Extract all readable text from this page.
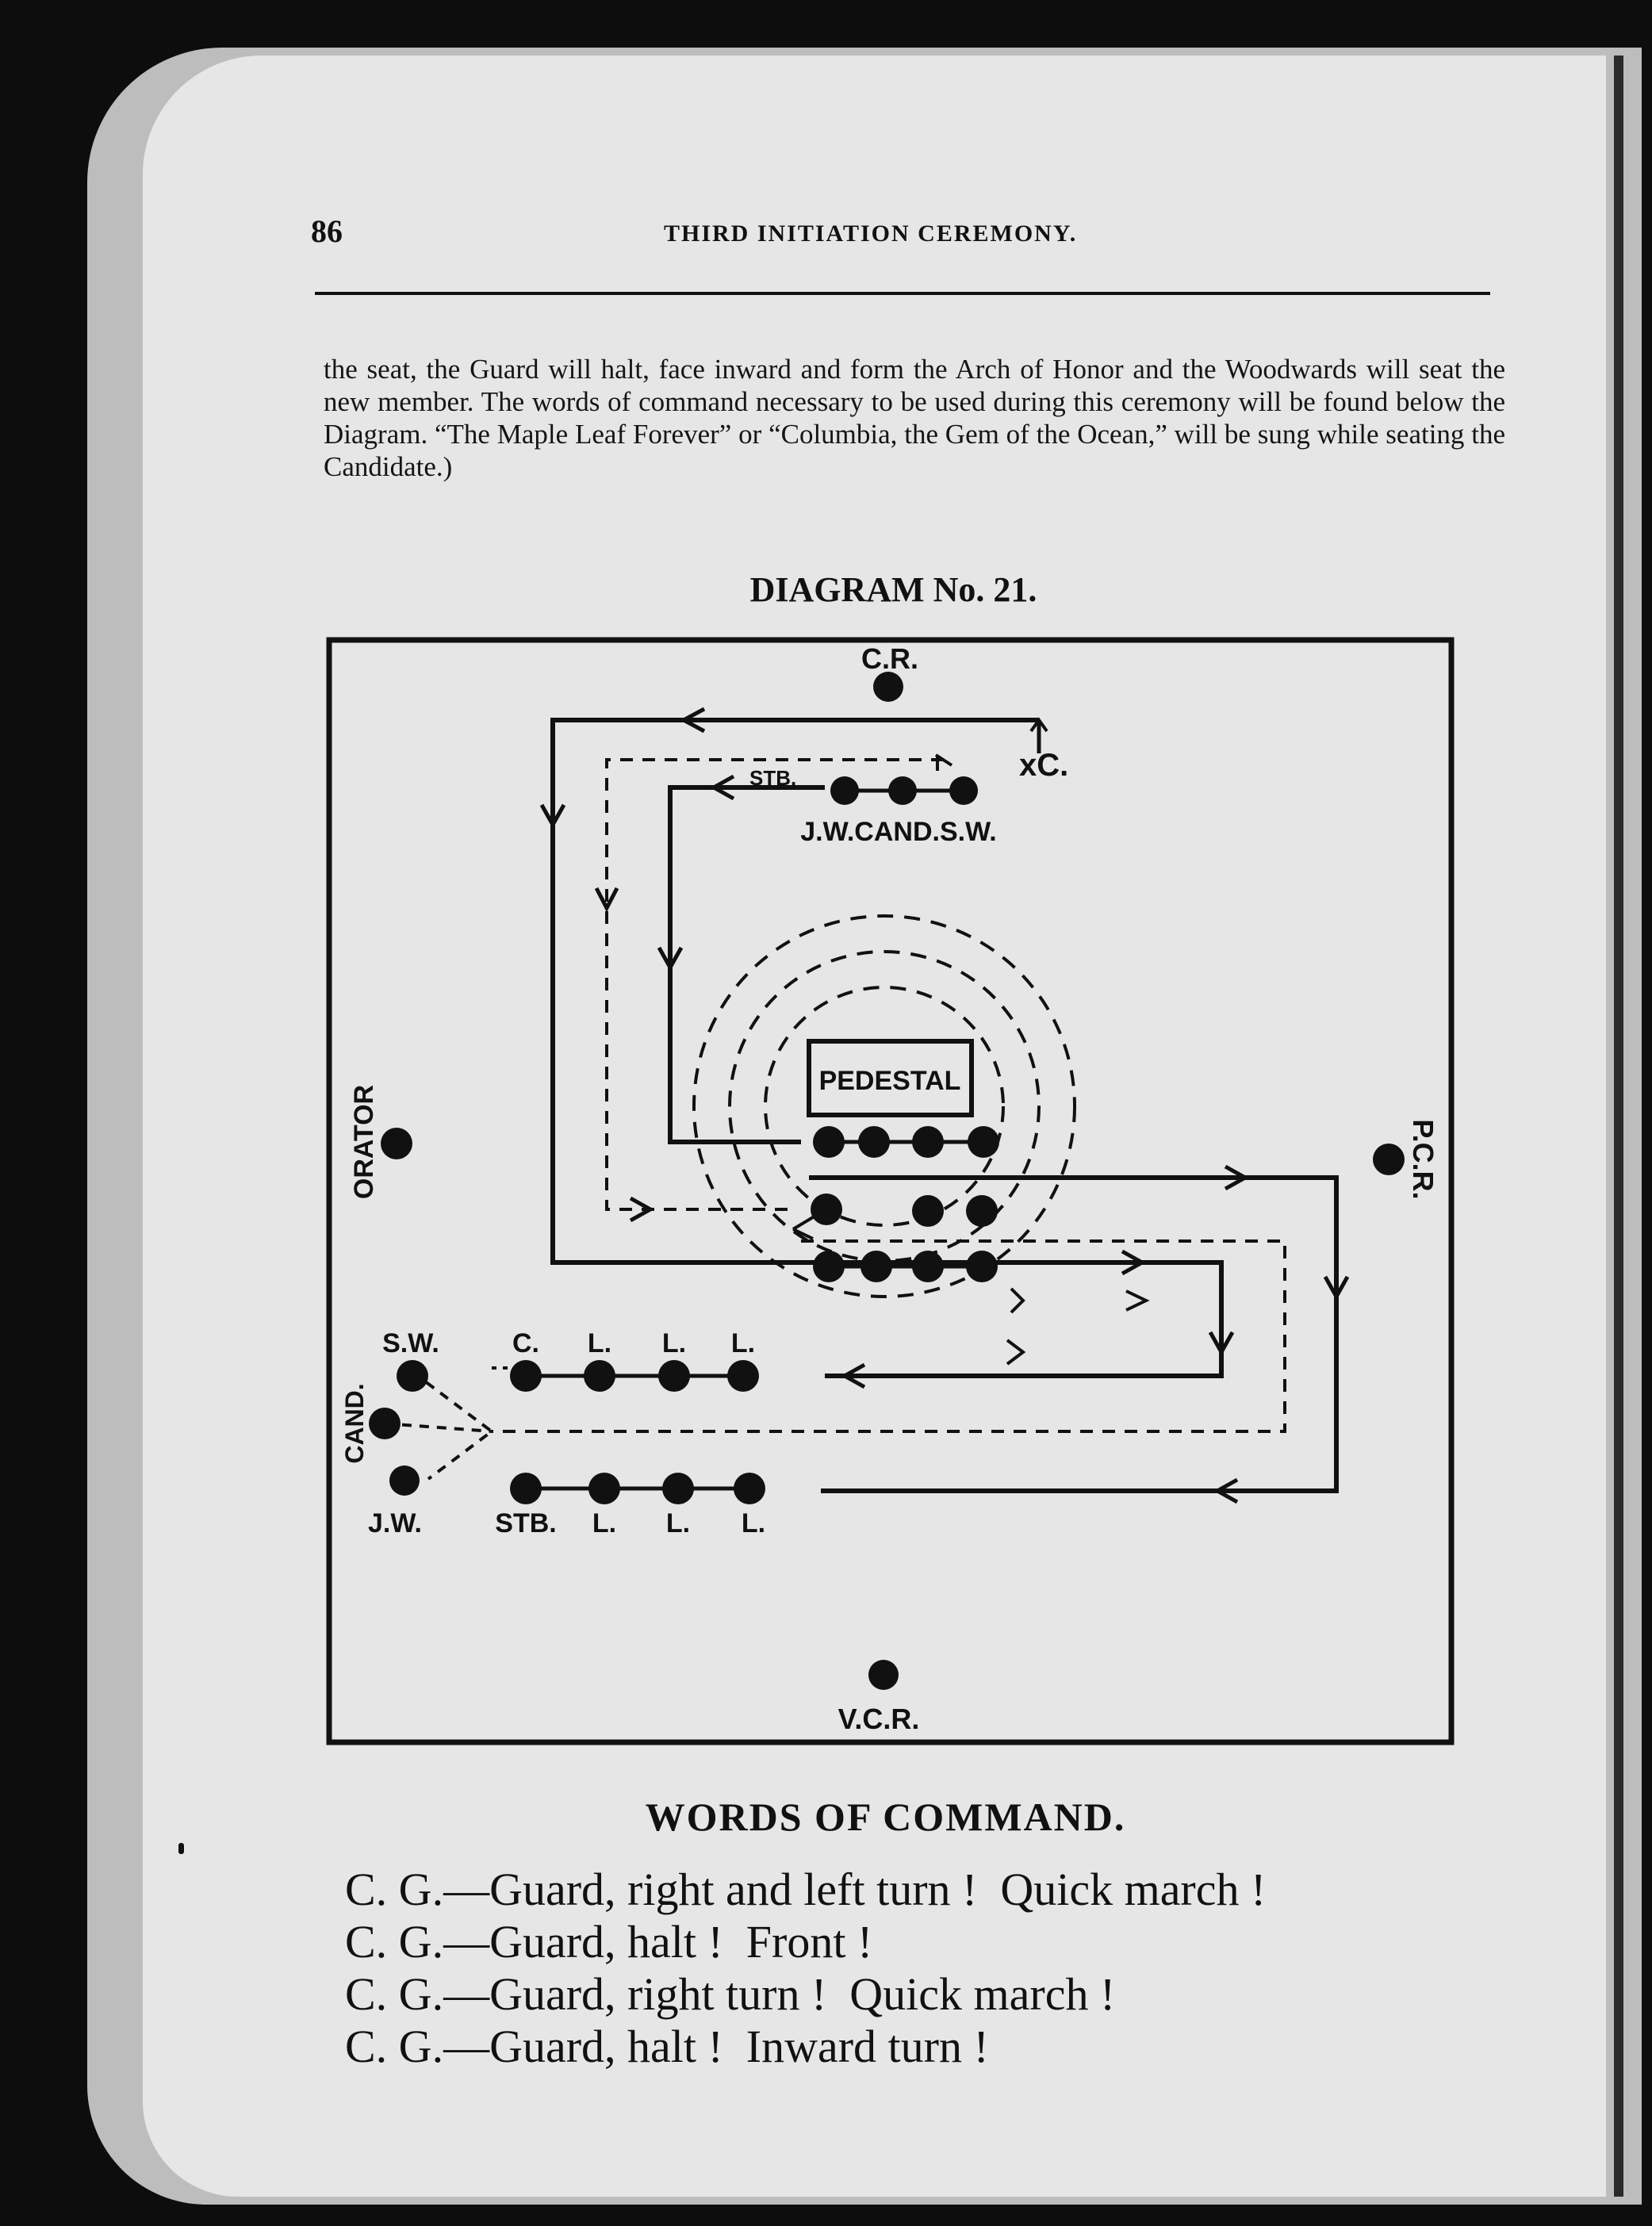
86	THIRD INITIATION CEREMONY.

the seat, the Guard will halt, face inward and form the Arch of Honor and the Woodwards will seat the new member. The words of command necessary to be used during this ceremony will be found below the Diagram. “The Maple Leaf Forever” or “Columbia, the Gem of the Ocean,” will be sung while seating the Candidate.)

DIAGRAM No. 21.
PEDESTAL
C.R.
V.C.R.
ORATOR	P.C.R.
xC.
STB.
J.W.CAND.S.W.
S.W.
CAND.
J.W.
C. L. L. L.
STB. L. L. L.
WORDS OF COMMAND.
C. G.—Guard, right and left turn !  Quick march !
C. G.—Guard, halt !  Front !
C. G.—Guard, right turn !  Quick march !
C. G.—Guard, halt !  Inward turn !
